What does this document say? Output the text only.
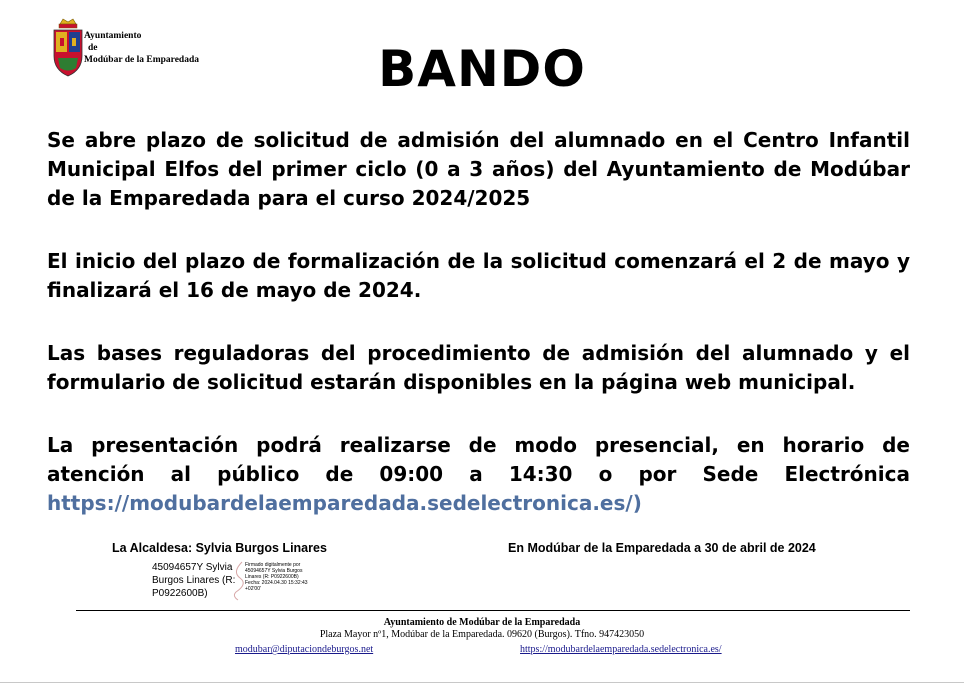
Ayuntamiento
de
Modúbar de la Emparedada	BANDO

Se abre plazo de solicitud de admisión del alumnado en el Centro Infantil Municipal Elfos del primer ciclo (0 a 3 años) del Ayuntamiento de Modúbar de la Emparedada para el curso 2024/2025

El inicio del plazo de formalización de la solicitud comenzará el 2 de mayo y finalizará el 16 de mayo de 2024.

Las bases reguladoras del procedimiento de admisión del alumnado y el formulario de solicitud estarán disponibles en la página web municipal.

La presentación podrá realizarse de modo presencial, en horario de atención al público de 09:00 a 14:30 o por Sede Electrónica https://modubardelaemparedada.sedelectronica.es/)

La Alcaldesa: Sylvia Burgos Linares	En Modúbar de la Emparedada a 30 de abril de 2024
45094657Y Sylvia
Burgos Linares (R:
P0922600B)
Firmado digitalmente por
45094657Y Sylvia Burgos
Linares (R: P0922600B)
Fecha: 2024.04.30 15:32:43
+02'00'
Ayuntamiento de Modúbar de la Emparedada
Plaza Mayor nº1, Modúbar de la Emparedada. 09620 (Burgos). Tfno. 947423050
modubar@diputaciondeburgos.net	https://modubardelaemparedada.sedelectronica.es/
